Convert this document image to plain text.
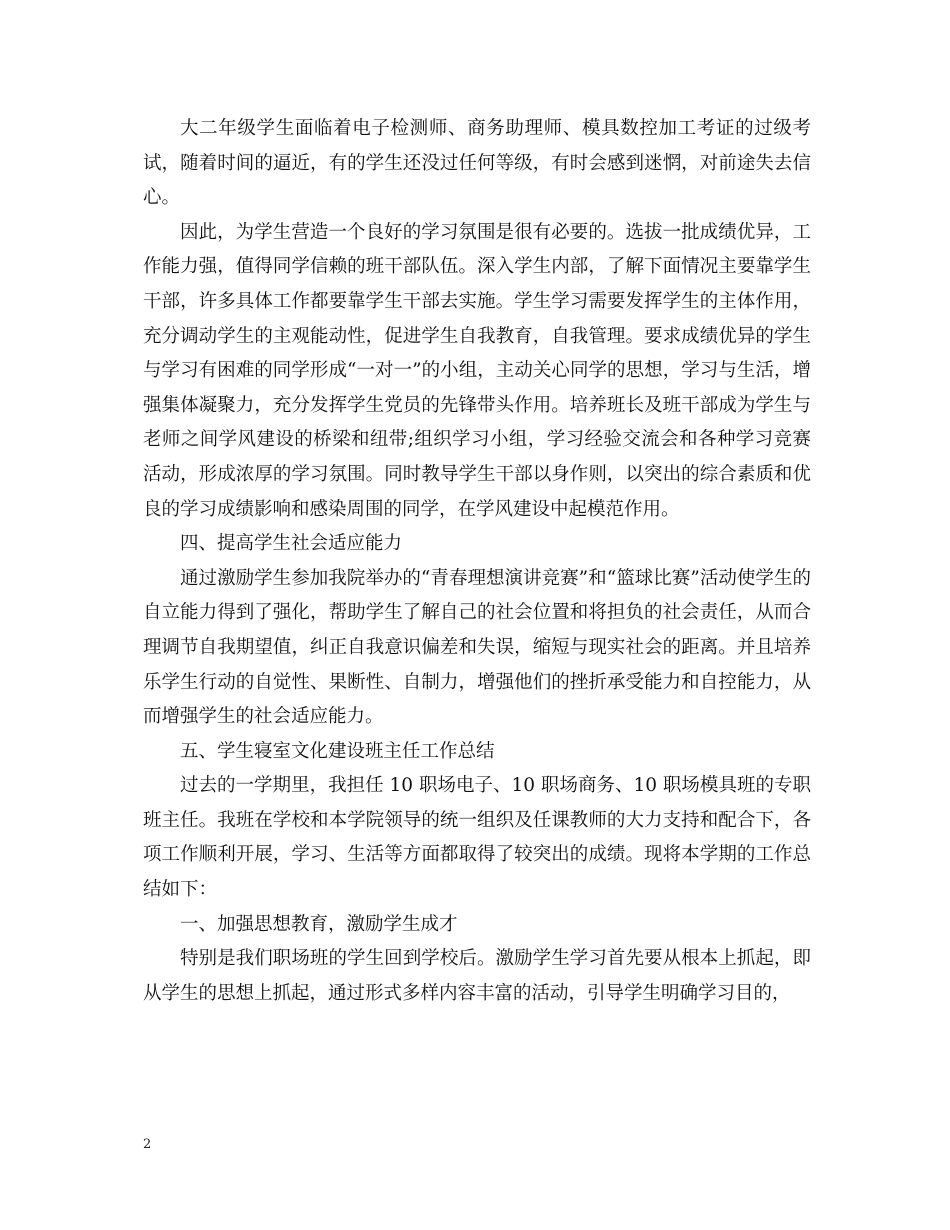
大二年级学生面临着电子检测师、商务助理师、模具数控加工考证的过级考试，随着时间的逼近，有的学生还没过任何等级，有时会感到迷惘，对前途失去信心。

因此，为学生营造一个良好的学习氛围是很有必要的。选拔一批成绩优异，工作能力强，值得同学信赖的班干部队伍。深入学生内部，了解下面情况主要靠学生干部，许多具体工作都要靠学生干部去实施。学生学习需要发挥学生的主体作用，充分调动学生的主观能动性，促进学生自我教育，自我管理。要求成绩优异的学生与学习有困难的同学形成“一对一”的小组，主动关心同学的思想，学习与生活，增强集体凝聚力，充分发挥学生党员的先锋带头作用。培养班长及班干部成为学生与老师之间学风建设的桥梁和纽带;组织学习小组，学习经验交流会和各种学习竞赛活动，形成浓厚的学习氛围。同时教导学生干部以身作则，以突出的综合素质和优良的学习成绩影响和感染周围的同学，在学风建设中起模范作用。

四、提高学生社会适应能力

通过激励学生参加我院举办的“青春理想演讲竞赛”和“篮球比赛”活动使学生的自立能力得到了强化，帮助学生了解自己的社会位置和将担负的社会责任，从而合理调节自我期望值，纠正自我意识偏差和失误，缩短与现实社会的距离。并且培养乐学生行动的自觉性、果断性、自制力，增强他们的挫折承受能力和自控能力，从而增强学生的社会适应能力。

五、学生寝室文化建设班主任工作总结

过去的一学期里，我担任 10 职场电子、10 职场商务、10 职场模具班的专职班主任。我班在学校和本学院领导的统一组织及任课教师的大力支持和配合下，各项工作顺利开展，学习、生活等方面都取得了较突出的成绩。现将本学期的工作总结如下：

一、加强思想教育，激励学生成才

特别是我们职场班的学生回到学校后。激励学生学习首先要从根本上抓起，即从学生的思想上抓起，通过形式多样内容丰富的活动，引导学生明确学习目的，

2
